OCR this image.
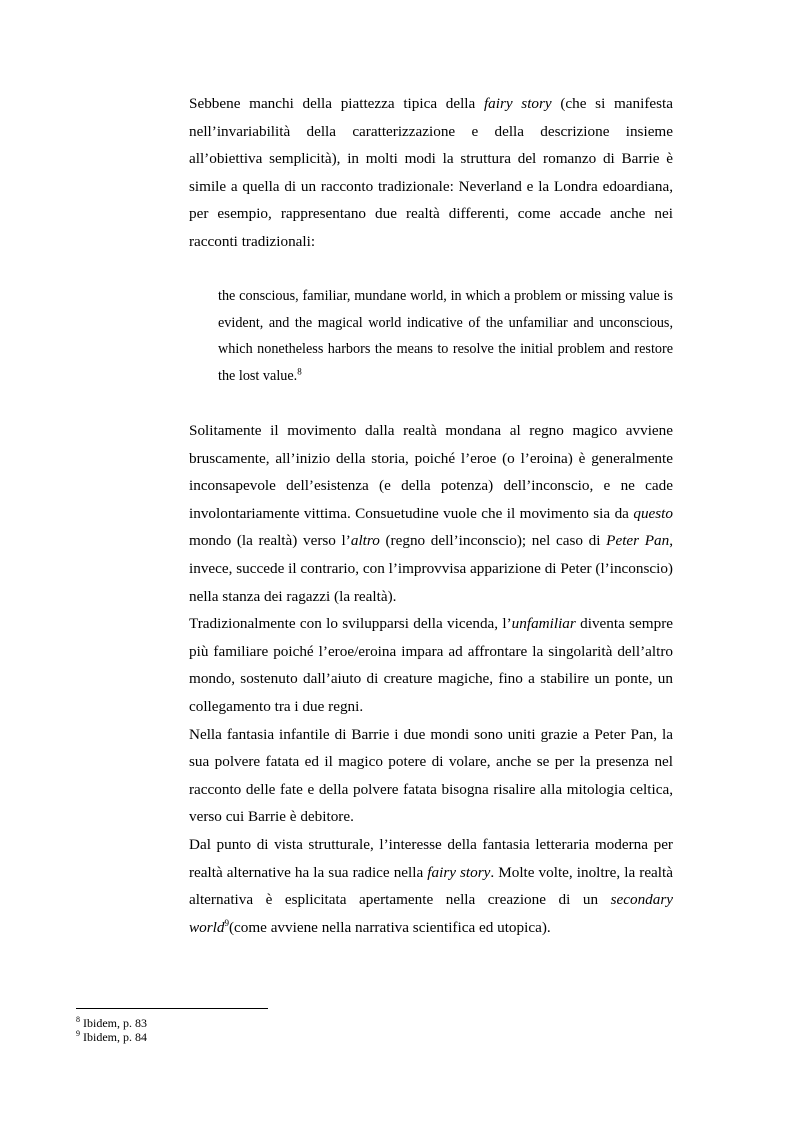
Sebbene manchi della piattezza tipica della fairy story (che si manifesta nell’invariabilità della caratterizzazione e della descrizione insieme all’obiettiva semplicità), in molti modi la struttura del romanzo di Barrie è simile a quella di un racconto tradizionale: Neverland e la Londra edoardiana, per esempio, rappresentano due realtà differenti, come accade anche nei racconti tradizionali:

the conscious, familiar, mundane world, in which a problem or missing value is evident, and the magical world indicative of the unfamiliar and unconscious, which nonetheless harbors the means to resolve the initial problem and restore the lost value.$^8$

Solitamente il movimento dalla realtà mondana al regno magico avviene bruscamente, all’inizio della storia, poiché l’eroe (o l’eroina) è generalmente inconsapevole dell’esistenza (e della potenza) dell’inconscio, e ne cade involontariamente vittima. Consuetudine vuole che il movimento sia da questo mondo (la realtà) verso l’altro (regno dell’inconscio); nel caso di Peter Pan, invece, succede il contrario, con l’improvvisa apparizione di Peter (l’inconscio) nella stanza dei ragazzi (la realtà).

Tradizionalmente con lo svilupparsi della vicenda, l’unfamiliar diventa sempre più familiare poiché l’eroe/eroina impara ad affrontare la singolarità dell’altro mondo, sostenuto dall’aiuto di creature magiche, fino a stabilire un ponte, un collegamento tra i due regni.

Nella fantasia infantile di Barrie i due mondi sono uniti grazie a Peter Pan, la sua polvere fatata ed il magico potere di volare, anche se per la presenza nel racconto delle fate e della polvere fatata bisogna risalire alla mitologia celtica, verso cui Barrie è debitore.

Dal punto di vista strutturale, l’interesse della fantasia letteraria moderna per realtà alternative ha la sua radice nella fairy story. Molte volte, inoltre, la realtà alternativa è esplicitata apertamente nella creazione di un secondary world$^9$(come avviene nella narrativa scientifica ed utopica).

$^8$ Ibidem, p. 83
$^9$ Ibidem, p. 84
